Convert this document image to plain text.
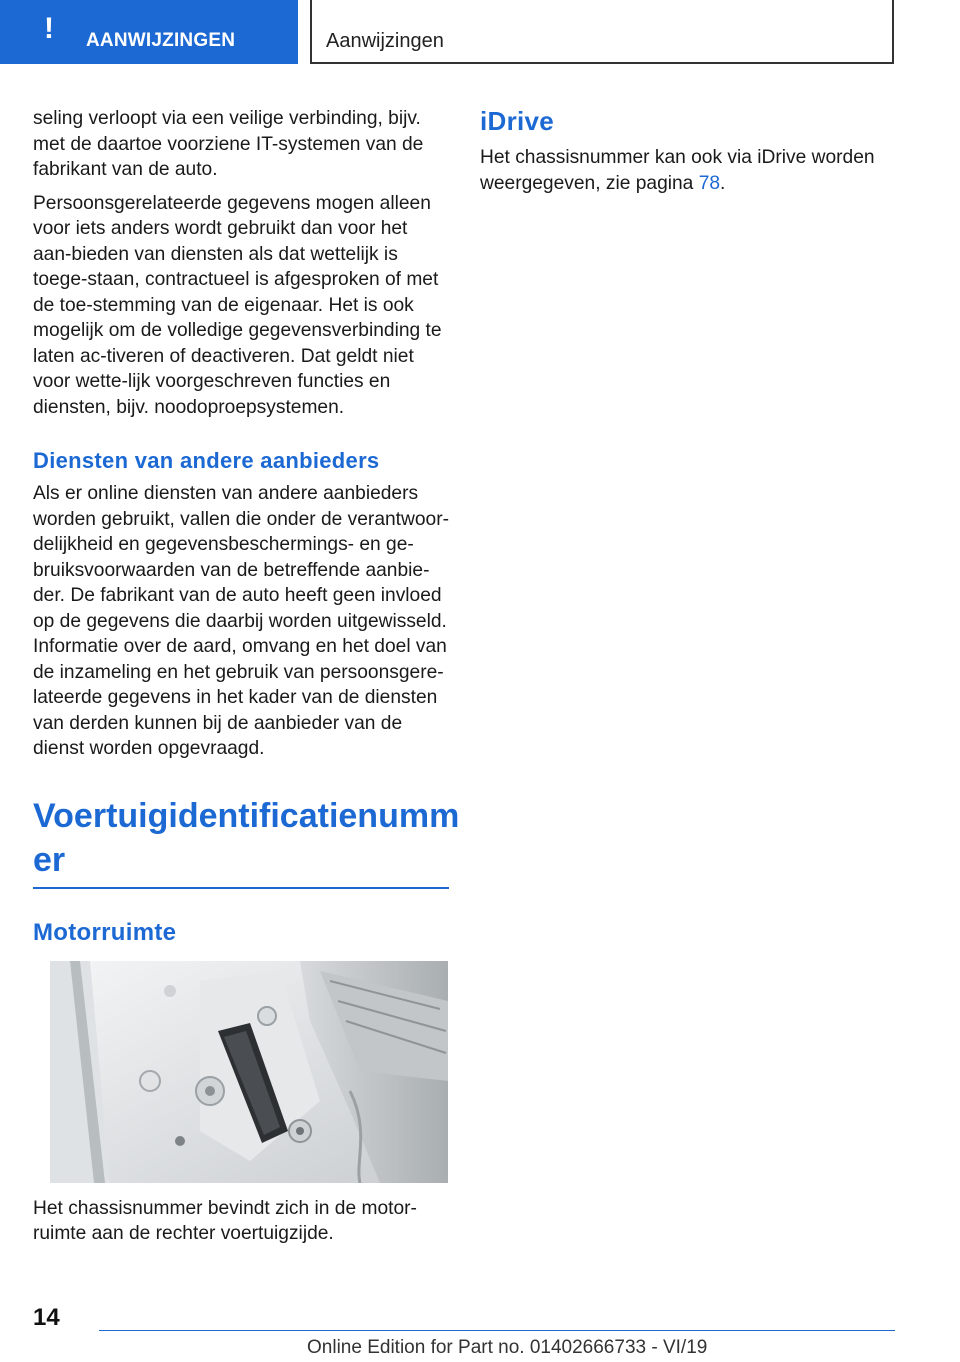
! AANWIJZINGEN	Aanwijzingen

seling verloopt via een veilige verbinding, bijv. met de daartoe voorziene IT-systemen van de fabrikant van de auto.

Persoonsgerelateerde gegevens mogen alleen voor iets anders wordt gebruikt dan voor het aan-bieden van diensten als dat wettelijk is toege-staan, contractueel is afgesproken of met de toe-stemming van de eigenaar. Het is ook mogelijk om de volledige gegevensverbinding te laten ac-tiveren of deactiveren. Dat geldt niet voor wette-lijk voorgeschreven functies en diensten, bijv. noodoproepsystemen.

Diensten van andere aanbieders

Als er online diensten van andere aanbieders worden gebruikt, vallen die onder de verantwoor-delijkheid en gegevensbeschermings- en ge-bruiksvoorwaarden van de betreffende aanbie-der. De fabrikant van de auto heeft geen invloed op de gegevens die daarbij worden uitgewisseld. Informatie over de aard, omvang en het doel van de inzameling en het gebruik van persoonsgere-lateerde gegevens in het kader van de diensten van derden kunnen bij de aanbieder van de dienst worden opgevraagd.

Voertuigidentificatienumm
er
Motorruimte

Het chassisnummer bevindt zich in de motor-ruimte aan de rechter voertuigzijde.

iDrive

Het chassisnummer kan ook via iDrive worden weergegeven, zie pagina 78.

14
Online Edition for Part no. 01402666733 - VI/19
